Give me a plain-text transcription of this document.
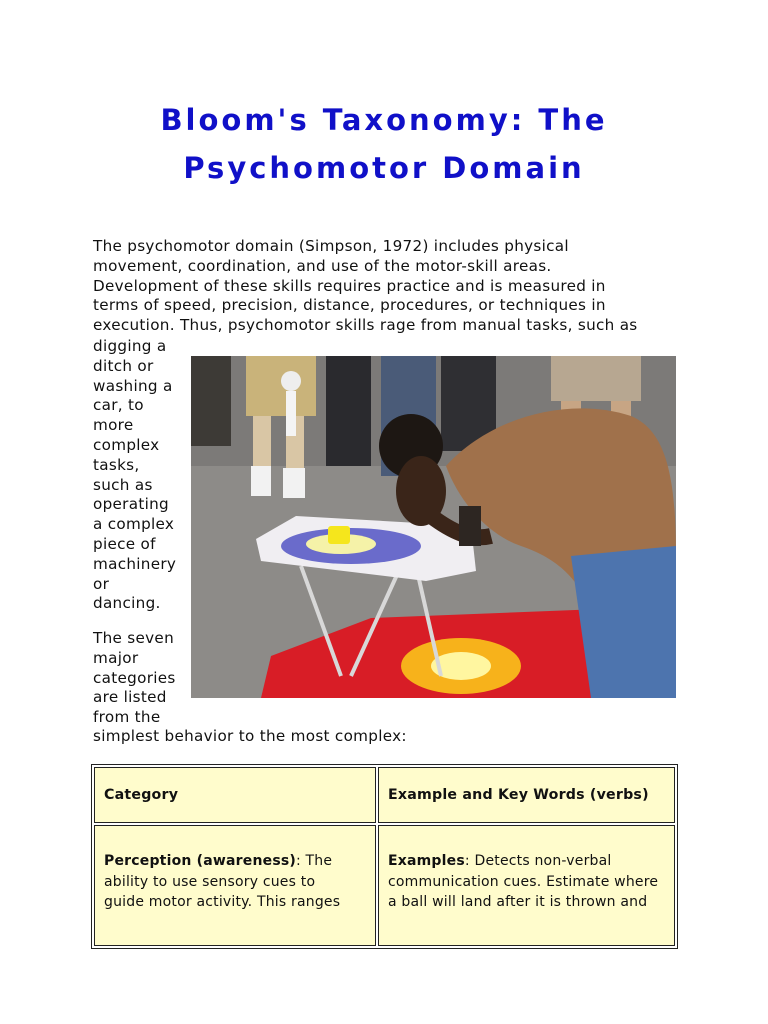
Bloom's Taxonomy: The
Psychomotor Domain
The psychomotor domain (Simpson, 1972) includes physical
movement, coordination, and use of the motor-skill areas.
Development of these skills requires practice and is measured in
terms of speed, precision, distance, procedures, or techniques in
execution. Thus, psychomotor skills rage from manual tasks, such as
digging a
ditch or
washing a
car, to
more
complex
tasks,
such as
operating
a complex
piece of
machinery
or
dancing.
The seven
major
categories
are listed
from the
simplest behavior to the most complex:
Category	Example and Key Words (verbs)
Perception (awareness): The
ability to use sensory cues to
guide motor activity. This ranges	Examples: Detects non-verbal
communication cues. Estimate where
a ball will land after it is thrown and
